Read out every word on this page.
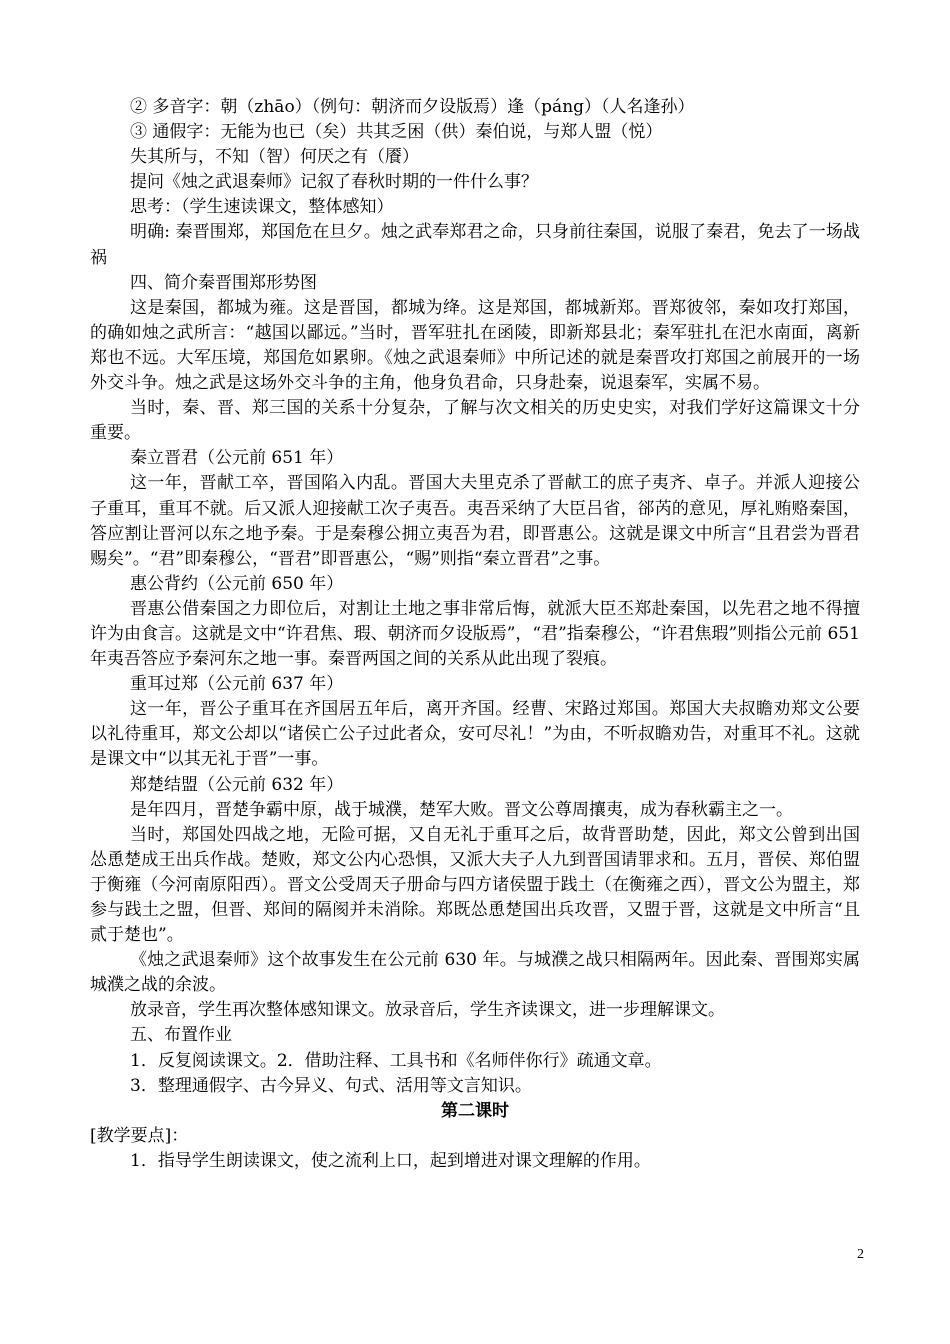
② 多音字：朝（zhāo）（例句：朝济而夕设版焉）逢（páng）（人名逢孙）

③ 通假字：无能为也已（矣）共其乏困（供）秦伯说，与郑人盟（悦）

失其所与，不知（智）何厌之有（餍）

提问《烛之武退秦师》记叙了春秋时期的一件什么事？

思考：（学生速读课文，整体感知）

明确: 秦晋围郑，郑国危在旦夕。烛之武奉郑君之命，只身前往秦国，说服了秦君，免去了一场战祸

四、简介秦晋围郑形势图

这是秦国，都城为雍。这是晋国，都城为绛。这是郑国，都城新郑。晋郑彼邻，秦如攻打郑国，的确如烛之武所言：“越国以鄙远。”当时，晋军驻扎在函陵，即新郑县北；秦军驻扎在汜水南面，离新郑也不远。大军压境，郑国危如累卵。《烛之武退秦师》中所记述的就是秦晋攻打郑国之前展开的一场外交斗争。烛之武是这场外交斗争的主角，他身负君命，只身赴秦，说退秦军，实属不易。

当时，秦、晋、郑三国的关系十分复杂，了解与次文相关的历史史实，对我们学好这篇课文十分重要。

秦立晋君（公元前 651 年）

这一年，晋献工卒，晋国陷入内乱。晋国大夫里克杀了晋献工的庶子夷齐、卓子。并派人迎接公子重耳，重耳不就。后又派人迎接献工次子夷吾。夷吾采纳了大臣吕省，郤芮的意见，厚礼贿赂秦国，答应割让晋河以东之地予秦。于是秦穆公拥立夷吾为君，即晋惠公。这就是课文中所言“且君尝为晋君赐矣”。“君”即秦穆公，“晋君”即晋惠公，“赐”则指“秦立晋君”之事。

惠公背约（公元前 650 年）

晋惠公借秦国之力即位后，对割让土地之事非常后悔，就派大臣丕郑赴秦国，以先君之地不得擅许为由食言。这就是文中“许君焦、瑕、朝济而夕设版焉”，“君”指秦穆公，“许君焦瑕”则指公元前 651 年夷吾答应予秦河东之地一事。秦晋两国之间的关系从此出现了裂痕。

重耳过郑（公元前 637 年）

这一年，晋公子重耳在齐国居五年后，离开齐国。经曹、宋路过郑国。郑国大夫叔瞻劝郑文公要以礼待重耳，郑文公却以“诸侯亡公子过此者众，安可尽礼！”为由，不听叔瞻劝告，对重耳不礼。这就是课文中“以其无礼于晋”一事。

郑楚结盟（公元前 632 年）

是年四月，晋楚争霸中原，战于城濮，楚军大败。晋文公尊周攘夷，成为春秋霸主之一。

当时，郑国处四战之地，无险可据，又自无礼于重耳之后，故背晋助楚，因此，郑文公曾到出国怂恿楚成王出兵作战。楚败，郑文公内心恐惧，又派大夫子人九到晋国请罪求和。五月，晋侯、郑伯盟于衡雍（今河南原阳西）。晋文公受周天子册命与四方诸侯盟于践土（在衡雍之西），晋文公为盟主，郑参与践土之盟，但晋、郑间的隔阂并未消除。郑既怂恿楚国出兵攻晋，又盟于晋，这就是文中所言“且贰于楚也”。

《烛之武退秦师》这个故事发生在公元前 630 年。与城濮之战只相隔两年。因此秦、晋围郑实属城濮之战的余波。

放录音，学生再次整体感知课文。放录音后，学生齐读课文，进一步理解课文。

五、布置作业

1．反复阅读课文。2．借助注释、工具书和《名师伴你行》疏通文章。

3．整理通假字、古今异义、句式、活用等文言知识。

第二课时

[教学要点]：

1．指导学生朗读课文，使之流利上口，起到增进对课文理解的作用。

2
